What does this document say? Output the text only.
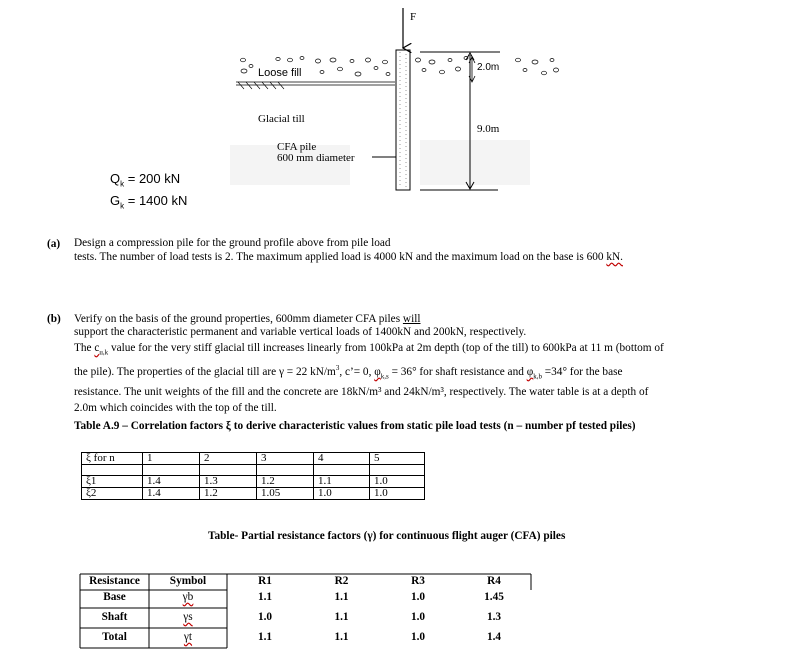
F
Loose fill	2.0m
Glacial till
9.0m
CFA pile
600 mm diameter
$Q_k = 200$ kN
$G_k = 1400$ kN
(a) Design a compression pile for the ground profile above from pile load
tests. The number of load tests is 2. The maximum applied load is 4000 kN and the maximum load on the base is 600 kN.
(b) Verify on the basis of the ground properties, 600mm diameter CFA piles will
support the characteristic permanent and variable vertical loads of 1400kN and 200kN, respectively.
The $c_{u,k}$ value for the very stiff glacial till increases linearly from 100kPa at 2m depth (top of the till) to 600kPa at 11 m (bottom of
the pile). The properties of the glacial till are γ = 22 $kN/m^3$, c’= 0, $\varphi_{k,s} = 36^\circ$ for shaft resistance and $\varphi_{k,b} =34^\circ$ for the base
resistance. The unit weights of the fill and the concrete are 18kN/m³ and 24kN/m³, respectively. The water table is at a depth of
2.0m which coincides with the top of the till.
Table A.9 – Correlation factors ξ to derive characteristic values from static pile load tests (n – number pf tested piles)
ξ for n	1	2	3	4	5

ξ1	1.4	1.3	1.2	1.1	1.0
ξ2	1.4	1.2	1.05	1.0	1.0
Table- Partial resistance factors (γ) for continuous flight auger (CFA) piles
Resistance	Symbol	R1	R2	R3	R4
Base	γb	1.1	1.1	1.0	1.45
Shaft	γs	1.0	1.1	1.0	1.3
Total	γt	1.1	1.1	1.0	1.4
